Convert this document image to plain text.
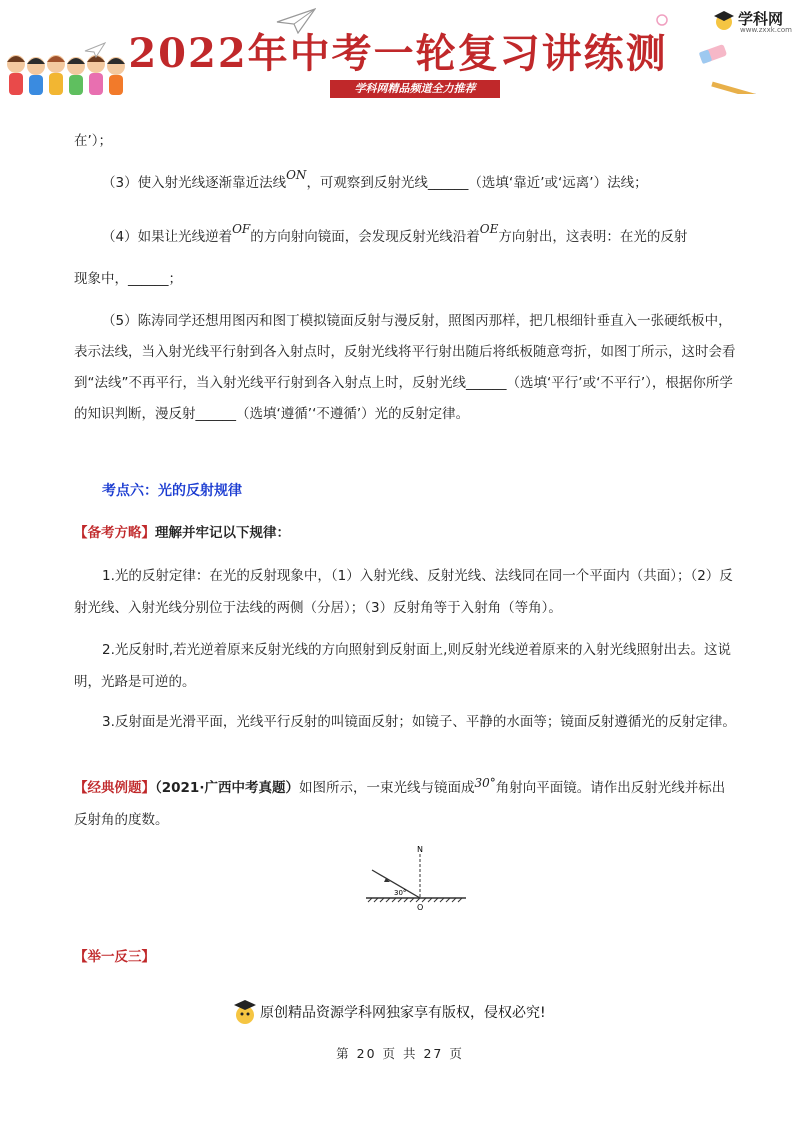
2022年中考一轮复习讲练测
学科网精品频道全力推荐
学科网
www.zxxk.com
在’）；
（3）使入射光线逐渐靠近法线ON，可观察到反射光线______（选填‘靠近’或‘远离’）法线；
（4）如果让光线逆着OF的方向射向镜面，会发现反射光线沿着OE方向射出，这表明：在光的反射
现象中，______；
（5）陈涛同学还想用图丙和图丁模拟镜面反射与漫反射，照图丙那样，把几根细针垂直入一张硬纸板中，表示法线，当入射光线平行射到各入射点时，反射光线将平行射出随后将纸板随意弯折，如图丁所示，这时会看到“法线”不再平行，当入射光线平行射到各入射点上时，反射光线______（选填‘平行’或‘不平行’），根据你所学的知识判断，漫反射______（选填‘遵循’‘不遵循’）光的反射定律。
考点六：光的反射规律
【备考方略】理解并牢记以下规律：
1.光的反射定律：在光的反射现象中，（1）入射光线、反射光线、法线同在同一个平面内（共面）；（2）反射光线、入射光线分别位于法线的两侧（分居）；（3）反射角等于入射角（等角）。
2.光反射时,若光逆着原来反射光线的方向照射到反射面上,则反射光线逆着原来的入射光线照射出去。这说明，光路是可逆的。
3.反射面是光滑平面，光线平行反射的叫镜面反射；如镜子、平静的水面等；镜面反射遵循光的反射定律。
【经典例题】（2021·广西中考真题）如图所示，一束光线与镜面成30°角射向平面镜。请作出反射光线并标出反射角的度数。
N
O
30°
【举一反三】
原创精品资源学科网独家享有版权，侵权必究!
第 20 页 共 27 页
